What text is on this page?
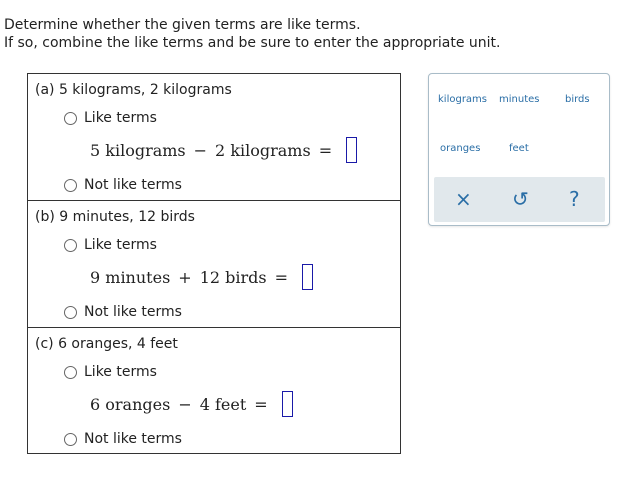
Determine whether the given terms are like terms.
If so, combine the like terms and be sure to enter the appropriate unit.
(a) 5 kilograms, 2 kilograms
Like terms
5 kilograms − 2 kilograms =
Not like terms
(b) 9 minutes, 12 birds
Like terms
9 minutes + 12 birds =
Not like terms
(c) 6 oranges, 4 feet
Like terms
6 oranges − 4 feet =
Not like terms
kilograms minutes	birds
oranges	feet
× ↺ ?
